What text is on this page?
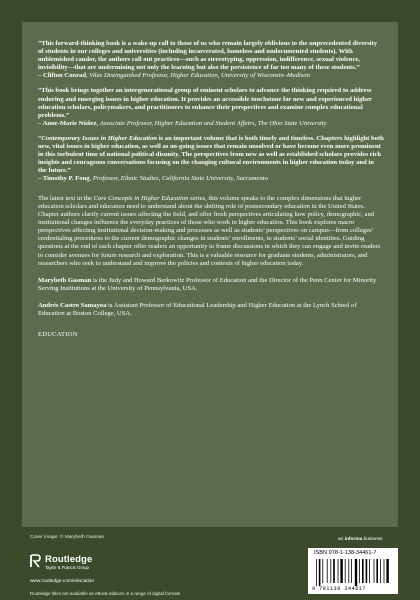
“This forward-thinking book is a wake-up call to those of us who remain largely oblivious to the unprecedented diversity of students in our colleges and universities (including incarcerated, homeless and undocumented students). With unblemished candor, the authors call out practices—such as stereotyping, oppression, indifference, sexual violence, invisibility—that are undermining not only the learning but also the persistence of far too many of these students.”

– Clifton Conrad, Vilas Distinguished Professor, Higher Education, University of Wisconsin–Madison

“This book brings together an intergenerational group of eminent scholars to advance the thinking required to address enduring and emerging issues in higher education. It provides an accessible touchstone for new and experienced higher education scholars, policymakers, and practitioners to enhance their perspectives and examine complex educational problems.”

– Anne-Marie Núñez, Associate Professor, Higher Education and Student Affairs, The Ohio State University

“Contemporary Issues in Higher Education is an important volume that is both timely and timeless. Chapters highlight both new, vital issues in higher education, as well as on-going issues that remain unsolved or have become even more prominent in this turbulent time of national political disunity. The perspectives from new as well as established scholars provides rich insights and courageous conversations focusing on the changing cultural environments in higher education today and in the future.”

– Timothy P. Fong, Professor, Ethnic Studies, California State University, Sacramento

The latest text in the Core Concepts in Higher Education series, this volume speaks to the complex dimensions that higher education scholars and educators need to understand about the shifting role of postsecondary education in the United States. Chapter authors clarify current issues affecting the field, and offer fresh perspectives articulating how policy, demographic, and institutional changes influence the everyday practices of those who work in higher education. This book explores macro perspectives affecting institutional decision-making and processes as well as students’ perspectives on campus—from colleges’ credentialing procedures to the current demographic changes in students’ enrollments, to students’ social identities. Guiding questions at the end of each chapter offer readers an opportunity to frame discussions in which they can engage and invite readers to consider avenues for future research and exploration. This is a valuable resource for graduate students, administrators, and researchers who seek to understand and improve the policies and contexts of higher education today.

Marybeth Gasman is the Judy and Howard Berkowitz Professor of Education and the Director of the Penn Center for Minority Serving Institutions at the University of Pennsylvania, USA.

Andrés Castro Samayoa is Assistant Professor of Educational Leadership and Higher Education at the Lynch School of Education at Boston College, USA.

EDUCATION

Cover image: © Marybeth Gasman
Routledge
Taylor & Francis Group
www.routledge.com/education
Routledge titles are available as eBook editions in a range of digital formats
an informa business
ISBN 978-1-138-34461-7
9 781138 344617
